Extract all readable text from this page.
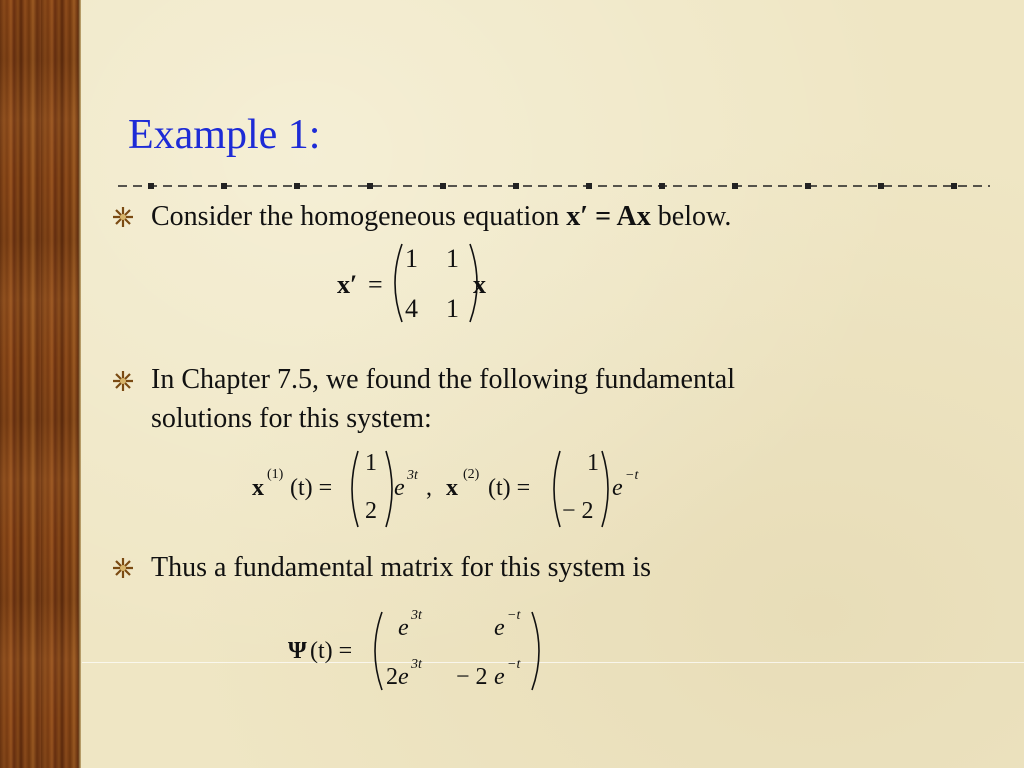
Example 1:
Consider the homogeneous equation x′ = Ax below.
x′ =
1 1
4 1
x
In Chapter 7.5, we found the following fundamental
solutions for this system:
x
(1)
(t) =
1
2
e 3t , x
(2)
(t) =
1
− 2
e −t
Thus a fundamental matrix for this system is
Ψ (t) =
e 3t	e −t
2 e 3t − 2 e −t
